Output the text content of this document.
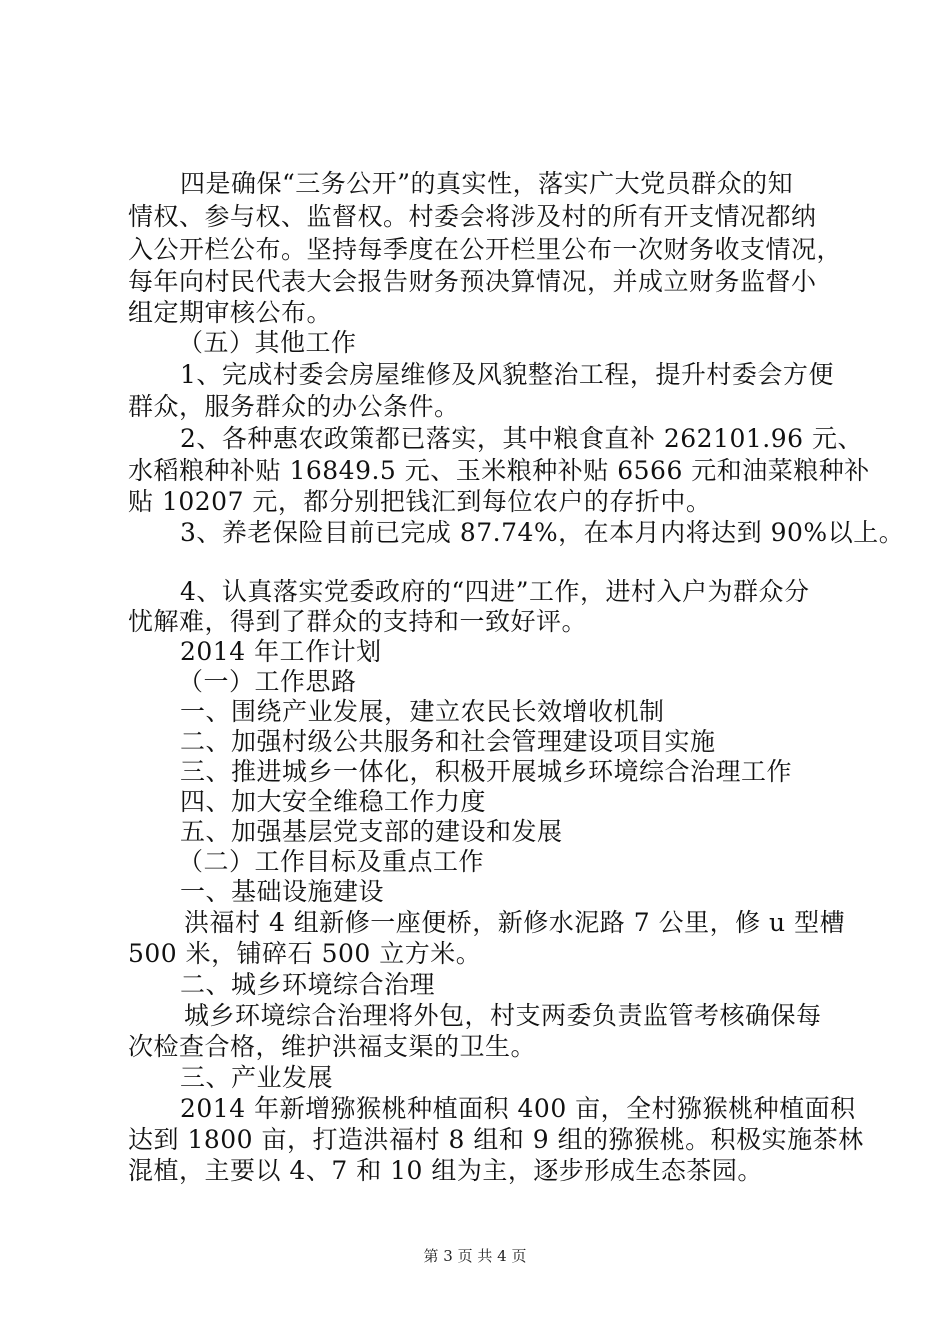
四是确保“三务公开”的真实性，落实广大党员群众的知
情权、参与权、监督权。村委会将涉及村的所有开支情况都纳
入公开栏公布。坚持每季度在公开栏里公布一次财务收支情况，
每年向村民代表大会报告财务预决算情况，并成立财务监督小
组定期审核公布。
（五）其他工作
1、完成村委会房屋维修及风貌整治工程，提升村委会方便
群众，服务群众的办公条件。
2、各种惠农政策都已落实，其中粮食直补 262101.96 元、
水稻粮种补贴 16849.5 元、玉米粮种补贴 6566 元和油菜粮种补
贴 10207 元，都分别把钱汇到每位农户的存折中。
3、养老保险目前已完成 87.74%，在本月内将达到 90%以上。
4、认真落实党委政府的“四进”工作，进村入户为群众分
忧解难，得到了群众的支持和一致好评。
2014 年工作计划
（一）工作思路
一、围绕产业发展，建立农民长效增收机制
二、加强村级公共服务和社会管理建设项目实施
三、推进城乡一体化，积极开展城乡环境综合治理工作
四、加大安全维稳工作力度
五、加强基层党支部的建设和发展
（二）工作目标及重点工作
一、基础设施建设
洪福村 4 组新修一座便桥，新修水泥路 7 公里，修 u 型槽
500 米，铺碎石 500 立方米。
二、城乡环境综合治理
城乡环境综合治理将外包，村支两委负责监管考核确保每
次检查合格，维护洪福支渠的卫生。
三、产业发展
2014 年新增猕猴桃种植面积 400 亩，全村猕猴桃种植面积
达到 1800 亩，打造洪福村 8 组和 9 组的猕猴桃。积极实施茶林
混植，主要以 4、7 和 10 组为主，逐步形成生态茶园。
第 3 页 共 4 页
